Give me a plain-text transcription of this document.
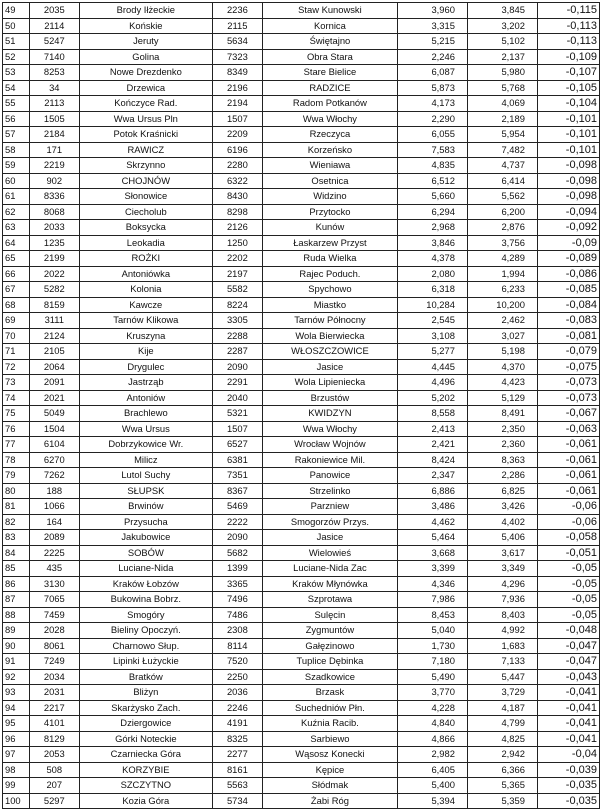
49	2035	Brody Iłżeckie	2236	Staw Kunowski	3,960	3,845	-0,115
50	2114	Końskie	2115	Kornica	3,315	3,202	-0,113
51	5247	Jeruty	5634	Świętajno	5,215	5,102	-0,113
52	7140	Golina	7323	Obra Stara	2,246	2,137	-0,109
53	8253	Nowe Drezdenko	8349	Stare Bielice	6,087	5,980	-0,107
54	34	Drzewica	2196	RADZICE	5,873	5,768	-0,105
55	2113	Kończyce Rad.	2194	Radom Potkanów	4,173	4,069	-0,104
56	1505	Wwa Ursus Pln	1507	Wwa Włochy	2,290	2,189	-0,101
57	2184	Potok Kraśnicki	2209	Rzeczyca	6,055	5,954	-0,101
58	171	RAWICZ	6196	Korzeńsko	7,583	7,482	-0,101
59	2219	Skrzynno	2280	Wieniawa	4,835	4,737	-0,098
60	902	CHOJNÓW	6322	Osetnica	6,512	6,414	-0,098
61	8336	Słonowice	8430	Widzino	5,660	5,562	-0,098
62	8068	Ciecholub	8298	Przytocko	6,294	6,200	-0,094
63	2033	Boksycka	2126	Kunów	2,968	2,876	-0,092
64	1235	Leokadia	1250	Łaskarzew Przyst	3,846	3,756	-0,09
65	2199	ROŻKI	2202	Ruda Wielka	4,378	4,289	-0,089
66	2022	Antoniówka	2197	Rajec Poduch.	2,080	1,994	-0,086
67	5282	Kolonia	5582	Spychowo	6,318	6,233	-0,085
68	8159	Kawcze	8224	Miastko	10,284	10,200	-0,084
69	3111	Tarnów Klikowa	3305	Tarnów Północny	2,545	2,462	-0,083
70	2124	Kruszyna	2288	Wola Bierwiecka	3,108	3,027	-0,081
71	2105	Kije	2287	WŁOSZCZOWICE	5,277	5,198	-0,079
72	2064	Drygulec	2090	Jasice	4,445	4,370	-0,075
73	2091	Jastrząb	2291	Wola Lipieniecka	4,496	4,423	-0,073
74	2021	Antoniów	2040	Brzustów	5,202	5,129	-0,073
75	5049	Brachlewo	5321	KWIDZYN	8,558	8,491	-0,067
76	1504	Wwa Ursus	1507	Wwa Włochy	2,413	2,350	-0,063
77	6104	Dobrzykowice Wr.	6527	Wrocław Wojnów	2,421	2,360	-0,061
78	6270	Milicz	6381	Rakoniewice Mil.	8,424	8,363	-0,061
79	7262	Lutol Suchy	7351	Panowice	2,347	2,286	-0,061
80	188	SŁUPSK	8367	Strzelinko	6,886	6,825	-0,061
81	1066	Brwinów	5469	Parzniew	3,486	3,426	-0,06
82	164	Przysucha	2222	Smogorzów Przys.	4,462	4,402	-0,06
83	2089	Jakubowice	2090	Jasice	5,464	5,406	-0,058
84	2225	SOBÓW	5682	Wielowieś	3,668	3,617	-0,051
85	435	Luciane-Nida	1399	Luciane-Nida Zac	3,399	3,349	-0,05
86	3130	Kraków Łobzów	3365	Kraków Młynówka	4,346	4,296	-0,05
87	7065	Bukowina Bobrz.	7496	Szprotawa	7,986	7,936	-0,05
88	7459	Smogóry	7486	Sulęcin	8,453	8,403	-0,05
89	2028	Bieliny Opoczyń.	2308	Zygmuntów	5,040	4,992	-0,048
90	8061	Charnowo Słup.	8114	Gałęzinowo	1,730	1,683	-0,047
91	7249	Lipinki Łużyckie	7520	Tuplice Dębinka	7,180	7,133	-0,047
92	2034	Bratków	2250	Szadkowice	5,490	5,447	-0,043
93	2031	Bliżyn	2036	Brzask	3,770	3,729	-0,041
94	2217	Skarżysko Zach.	2246	Suchedniów Płn.	4,228	4,187	-0,041
95	4101	Dziergowice	4191	Kuźnia Racib.	4,840	4,799	-0,041
96	8129	Górki Noteckie	8325	Sarbiewo	4,866	4,825	-0,041
97	2053	Czarniecka Góra	2277	Wąsosz Konecki	2,982	2,942	-0,04
98	508	KORZYBIE	8161	Kępice	6,405	6,366	-0,039
99	207	SZCZYTNO	5563	Słódmak	5,400	5,365	-0,035
100	5297	Kozia Góra	5734	Żabi Róg	5,394	5,359	-0,035
